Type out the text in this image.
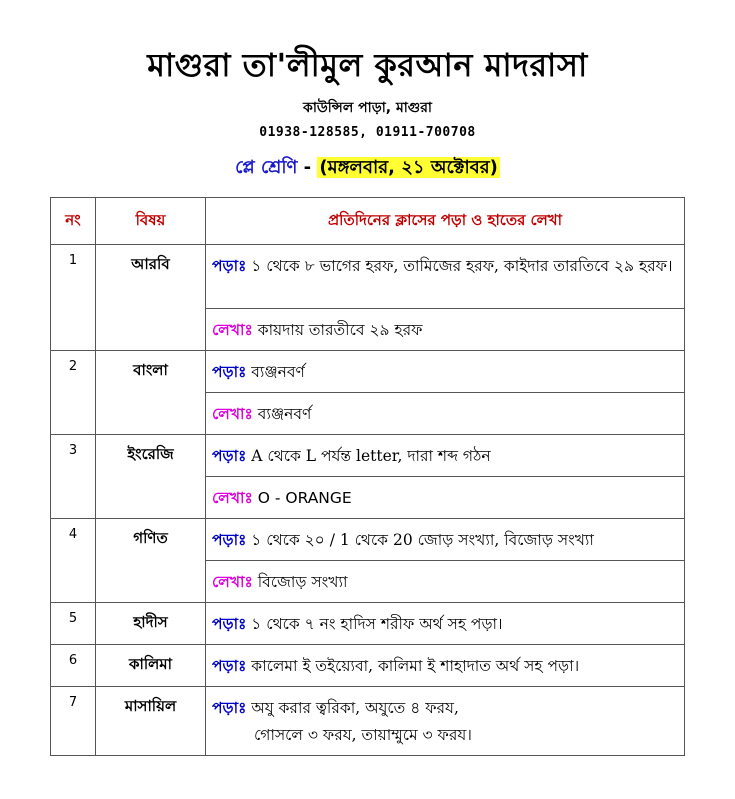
মাগুরা তা'লীমুল কুরআন মাদরাসা
কাউন্সিল পাড়া, মাগুরা
01938-128585, 01911-700708
প্লে শ্রেণি - (মঙ্গলবার, ২১ অক্টোবর)
নং	বিষয়	প্রতিদিনের ক্লাসের পড়া ও হাতের লেখা
1	আরবি	পড়াঃ ১ থেকে ৮ ভাগের হরফ, তামিজের হরফ, কাইদার তারতিবে ২৯ হরফ।
		লেখাঃ কায়দায় তারতীবে ২৯ হরফ
2	বাংলা	পড়াঃ ব্যঞ্জনবর্ণ
		লেখাঃ ব্যঞ্জনবর্ণ
3	ইংরেজি	পড়াঃ A থেকে L পর্যন্ত letter, দারা শব্দ গঠন
		লেখাঃ O - ORANGE
4	গণিত	পড়াঃ ১ থেকে ২০ / 1 থেকে 20 জোড় সংখ্যা, বিজোড় সংখ্যা
		লেখাঃ বিজোড় সংখ্যা
5	হাদীস	পড়াঃ ১ থেকে ৭ নং হাদিস শরীফ অর্থ সহ পড়া।
6	কালিমা	পড়াঃ কালেমা ই তইয়্যেবা, কালিমা ই শাহাদাত অর্থ সহ পড়া।
7	মাসায়িল	পড়াঃ অযু করার ত্বরিকা, অযুতে ৪ ফরয,
গোসলে ৩ ফরয, তায়াম্মুমে ৩ ফরয।
